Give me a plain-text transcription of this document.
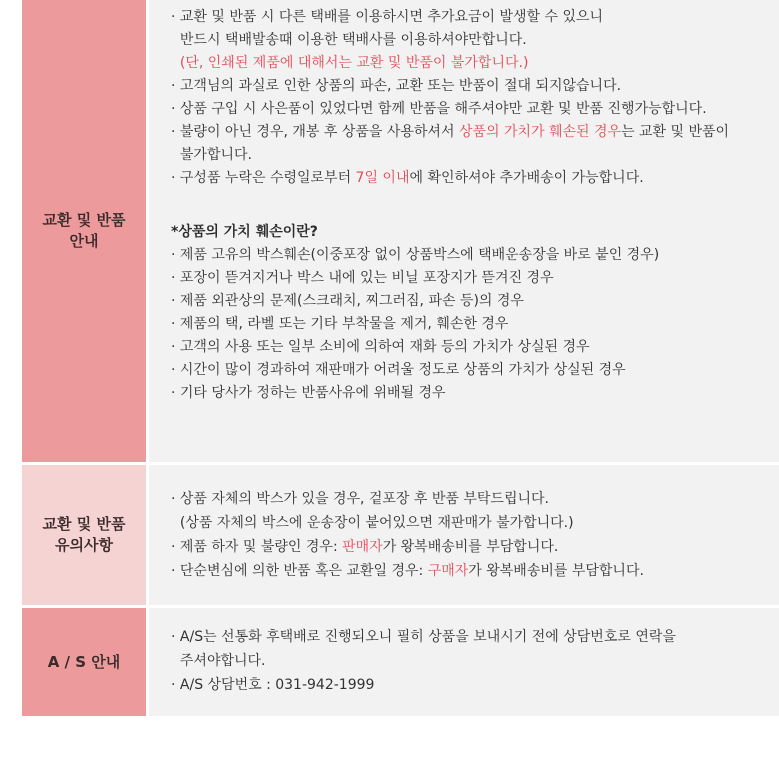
교환 및 반품
안내
· 교환 및 반품 시 다른 택배를 이용하시면 추가요금이 발생할 수 있으니
반드시 택배발송때 이용한 택배사를 이용하셔야만합니다.
(단, 인쇄된 제품에 대해서는 교환 및 반품이 불가합니다.)
· 고객님의 과실로 인한 상품의 파손, 교환 또는 반품이 절대 되지않습니다.
· 상품 구입 시 사은품이 있었다면 함께 반품을 해주셔야만 교환 및 반품 진행가능합니다.
· 불량이 아닌 경우, 개봉 후 상품을 사용하셔서 상품의 가치가 훼손된 경우는 교환 및 반품이
불가합니다.
· 구성품 누락은 수령일로부터 7일 이내에 확인하셔야 추가배송이 가능합니다.
*상품의 가치 훼손이란?
· 제품 고유의 박스훼손(이중포장 없이 상품박스에 택배운송장을 바로 붙인 경우)
· 포장이 뜯겨지거나 박스 내에 있는 비닐 포장지가 뜯겨진 경우
· 제품 외관상의 문제(스크래치, 찌그러짐, 파손 등)의 경우
· 제품의 택, 라벨 또는 기타 부착물을 제거, 훼손한 경우
· 고객의 사용 또는 일부 소비에 의하여 재화 등의 가치가 상실된 경우
· 시간이 많이 경과하여 재판매가 어려울 정도로 상품의 가치가 상실된 경우
· 기타 당사가 정하는 반품사유에 위배될 경우
교환 및 반품
유의사항
· 상품 자체의 박스가 있을 경우, 겉포장 후 반품 부탁드립니다.
(상품 자체의 박스에 운송장이 붙어있으면 재판매가 불가합니다.)
· 제품 하자 및 불량인 경우: 판매자가 왕복배송비를 부담합니다.
· 단순변심에 의한 반품 혹은 교환일 경우: 구매자가 왕복배송비를 부담합니다.
A / S 안내
· A/S는 선통화 후택배로 진행되오니 필히 상품을 보내시기 전에 상담번호로 연락을
주셔야합니다.
· A/S 상담번호 : 031-942-1999
